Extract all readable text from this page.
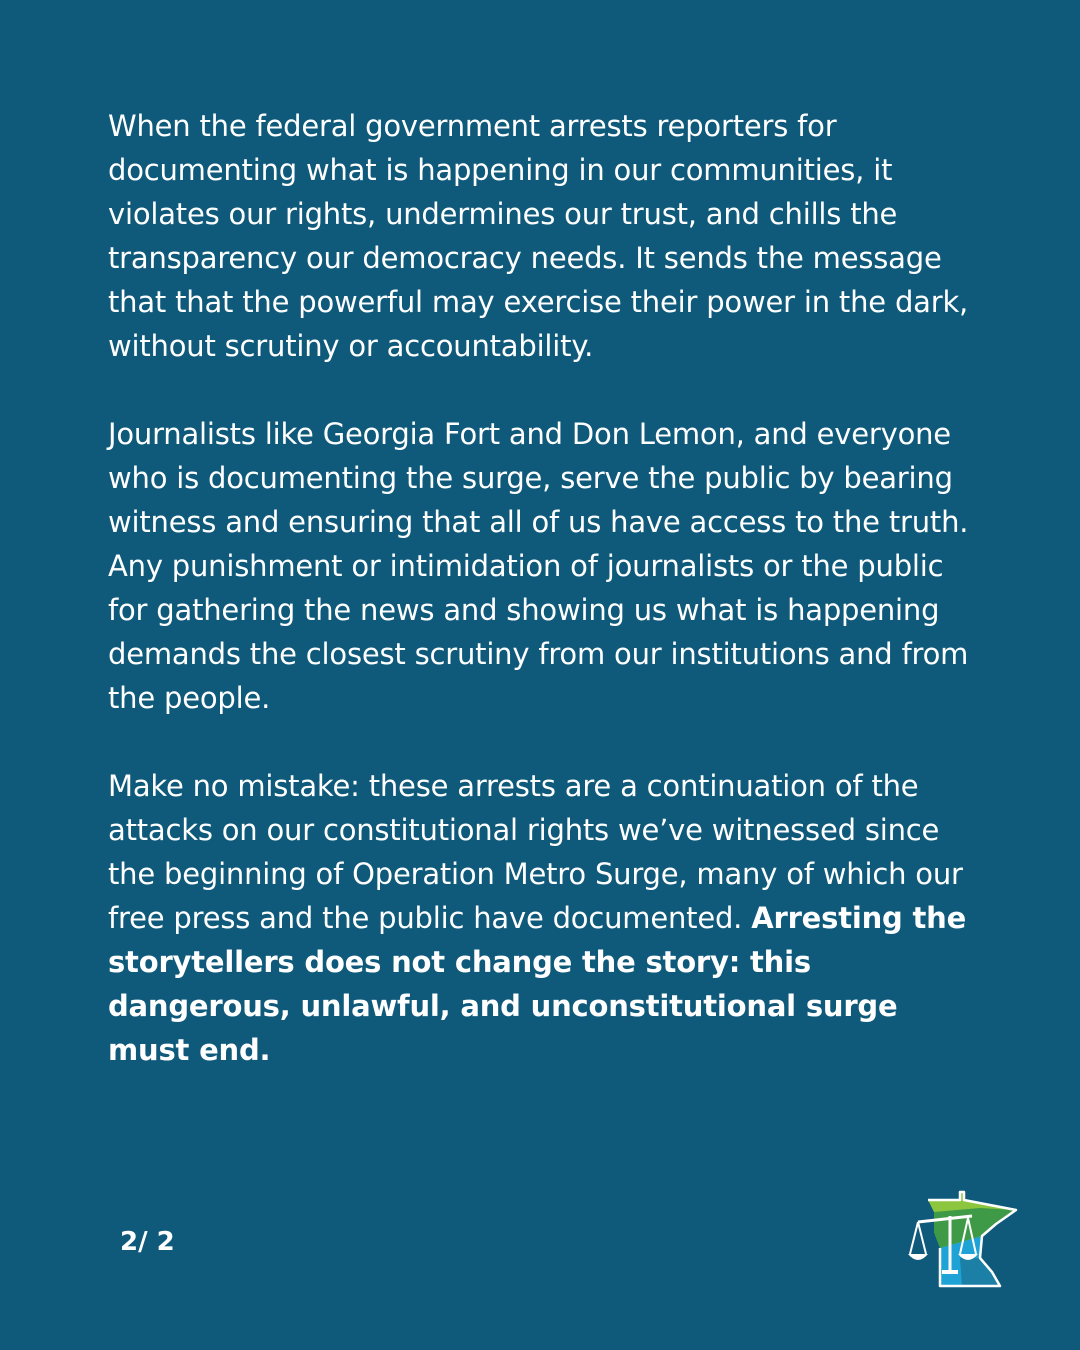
When the federal government arrests reporters for documenting what is happening in our communities, it violates our rights, undermines our trust, and chills the transparency our democracy needs. It sends the message that that the powerful may exercise their power in the dark, without scrutiny or accountability.

Journalists like Georgia Fort and Don Lemon, and everyone who is documenting the surge, serve the public by bearing witness and ensuring that all of us have access to the truth. Any punishment or intimidation of journalists or the public for gathering the news and showing us what is happening demands the closest scrutiny from our institutions and from the people.

Make no mistake: these arrests are a continuation of the attacks on our constitutional rights we’ve witnessed since the beginning of Operation Metro Surge, many of which our free press and the public have documented. Arresting the storytellers does not change the story: this dangerous, unlawful, and unconstitutional surge must end.

2/ 2
